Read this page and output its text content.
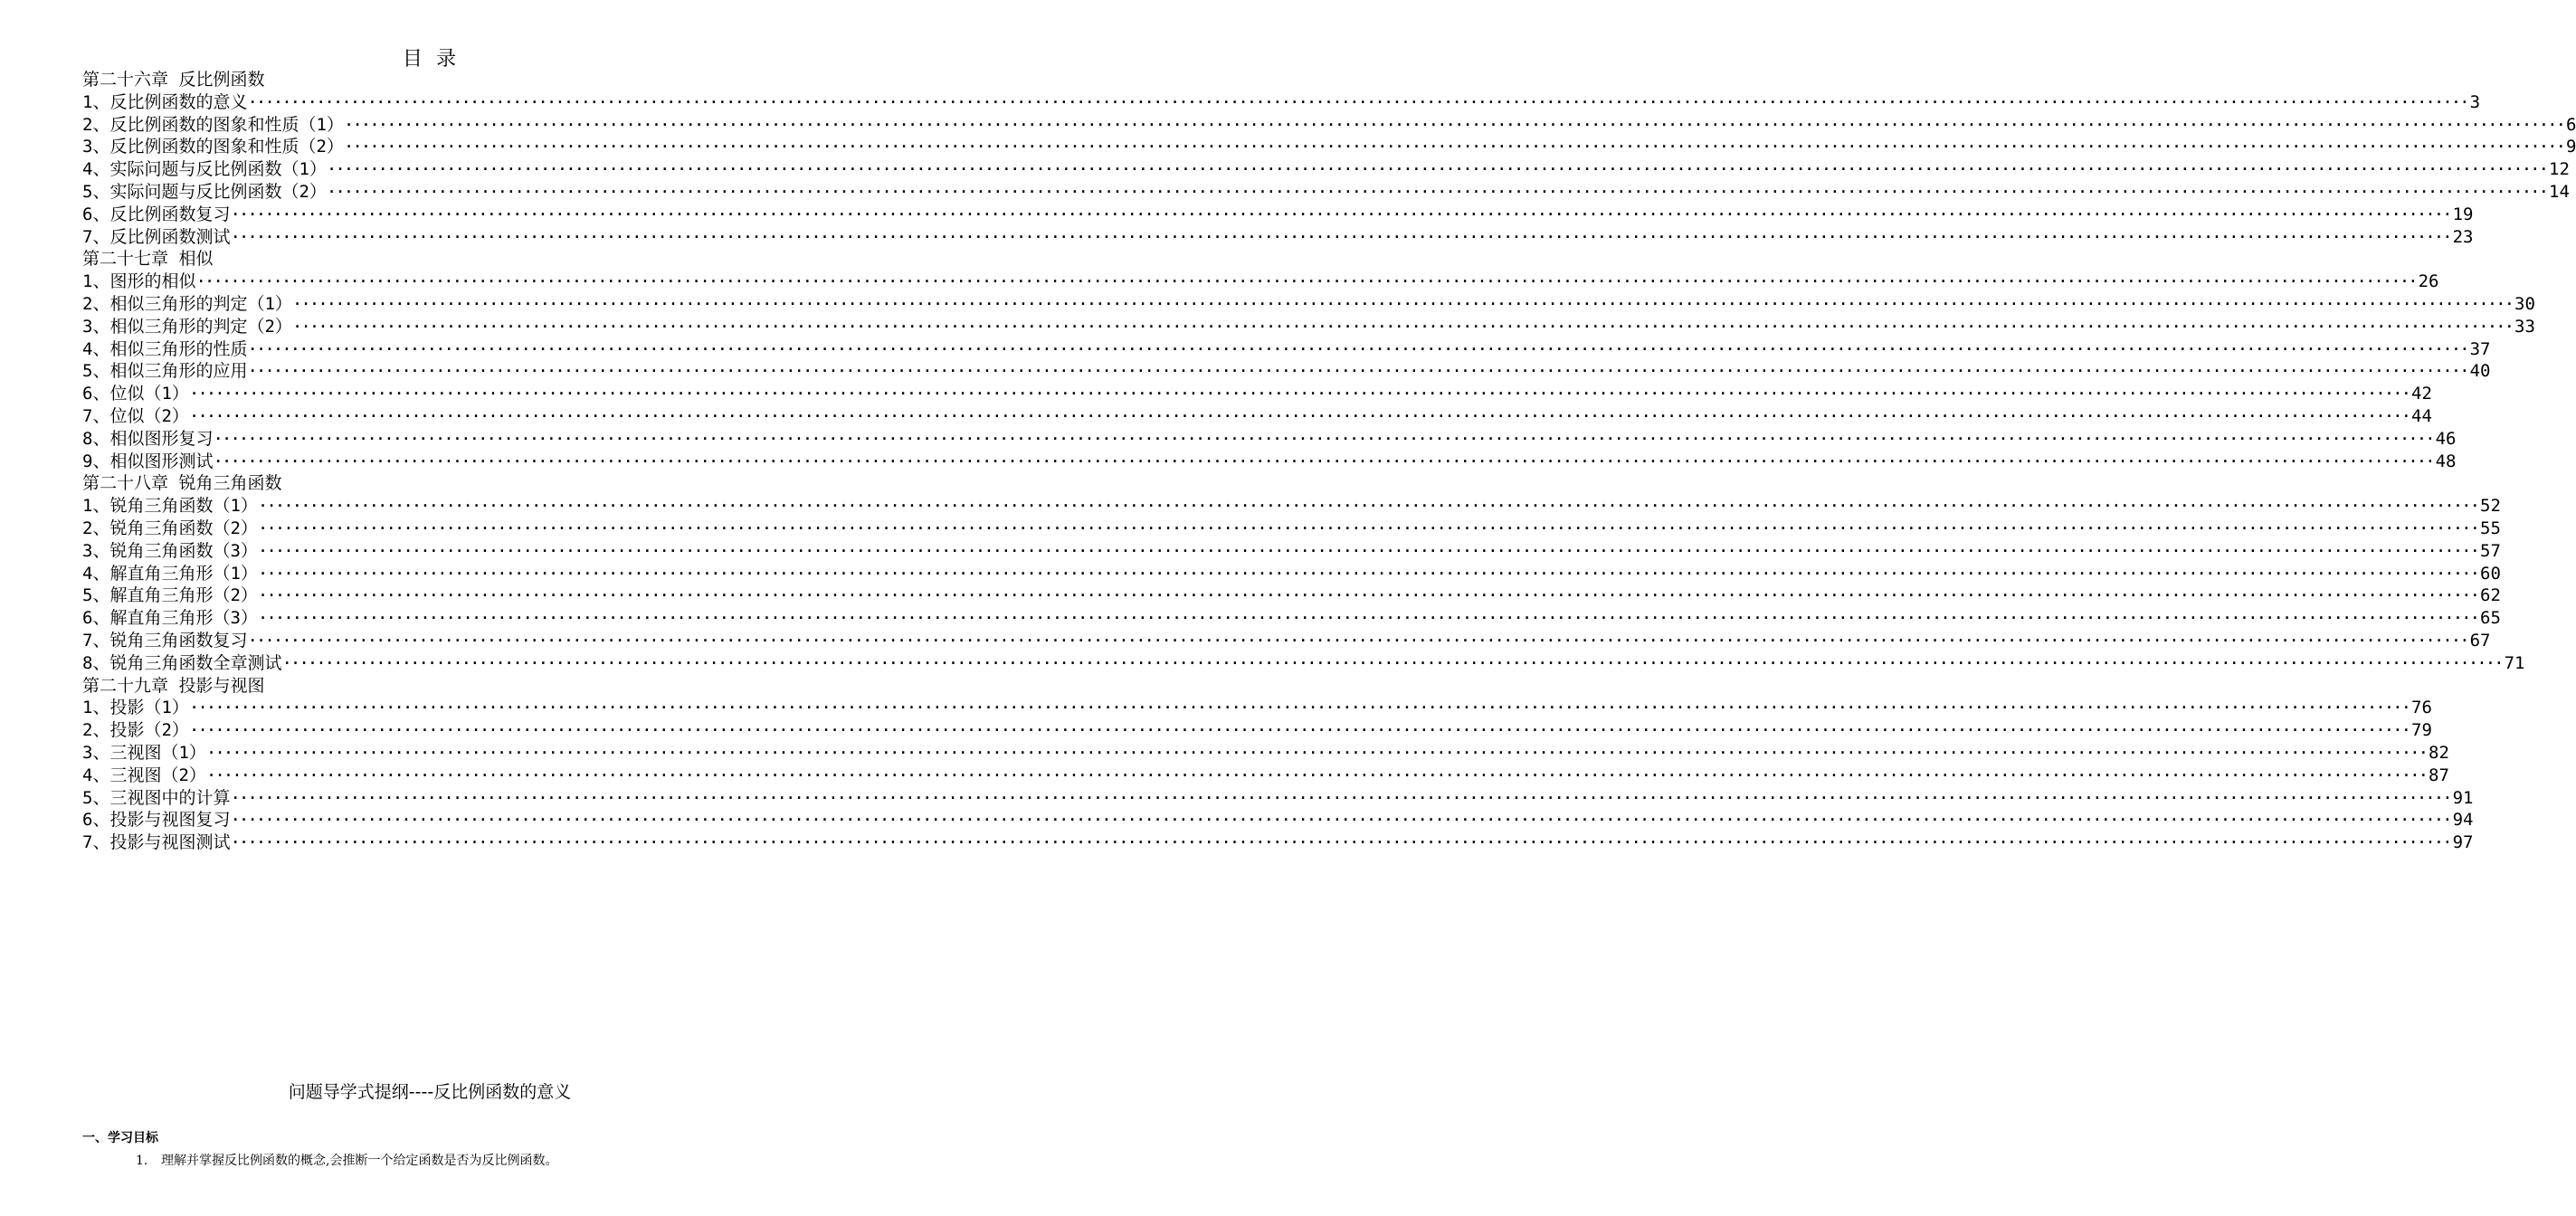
目 录
第二十六章 反比例函数
1、反比例函数的意义 ···································································································································································································································································· 3
2、反比例函数的图象和性质（1） ···································································································································································································································································· 6
3、反比例函数的图象和性质（2） ···································································································································································································································································· 9
4、实际问题与反比例函数（1） ···································································································································································································································································· 12
5、实际问题与反比例函数（2） ···································································································································································································································································· 14
6、反比例函数复习 ···································································································································································································································································· 19
7、反比例函数测试 ···································································································································································································································································· 23
第二十七章 相似
1、图形的相似 ···································································································································································································································································· 26
2、相似三角形的判定（1） ···································································································································································································································································· 30
3、相似三角形的判定（2） ···································································································································································································································································· 33
4、相似三角形的性质 ···································································································································································································································································· 37
5、相似三角形的应用 ···································································································································································································································································· 40
6、位似（1） ···································································································································································································································································· 42
7、位似（2） ···································································································································································································································································· 44
8、相似图形复习 ···································································································································································································································································· 46
9、相似图形测试 ···································································································································································································································································· 48
第二十八章 锐角三角函数
1、锐角三角函数（1） ···································································································································································································································································· 52
2、锐角三角函数（2） ···································································································································································································································································· 55
3、锐角三角函数（3） ···································································································································································································································································· 57
4、解直角三角形（1） ···································································································································································································································································· 60
5、解直角三角形（2） ···································································································································································································································································· 62
6、解直角三角形（3） ···································································································································································································································································· 65
7、锐角三角函数复习 ···································································································································································································································································· 67
8、锐角三角函数全章测试 ···································································································································································································································································· 71
第二十九章 投影与视图
1、投影（1） ···································································································································································································································································· 76
2、投影（2） ···································································································································································································································································· 79
3、三视图（1） ···································································································································································································································································· 82
4、三视图（2） ···································································································································································································································································· 87
5、三视图中的计算 ···································································································································································································································································· 91
6、投影与视图复习 ···································································································································································································································································· 94
7、投影与视图测试 ···································································································································································································································································· 97
问题导学式提纲----反比例函数的意义
一、学习目标
1. 理解并掌握反比例函数的概念,会推断一个给定函数是否为反比例函数。
